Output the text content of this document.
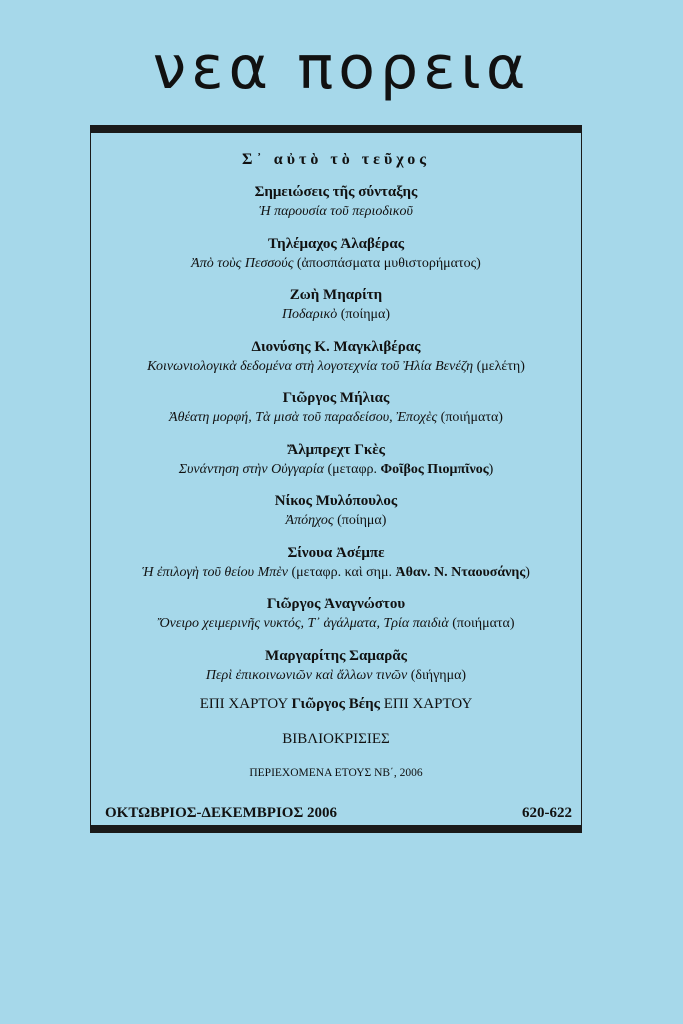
νεα πορεια
Σ᾿ αὐτὸ τὸ τεῦχος
Σημειώσεις τῆς σύνταξης
Ἡ παρουσία τοῦ περιοδικοῦ
Τηλέμαχος Ἀλαβέρας
Ἀπὸ τοὺς Πεσσούς (ἀποσπάσματα μυθιστορήματος)
Ζωὴ Μηαρίτη
Ποδαρικὸ (ποίημα)
Διονύσης Κ. Μαγκλιβέρας
Κοινωνιολογικὰ δεδομένα στὴ λογοτεχνία τοῦ Ἠλία Βενέζη (μελέτη)
Γιῶργος Μήλιας
Ἀθέατη μορφή, Τὰ μισὰ τοῦ παραδείσου, Ἐποχὲς (ποιήματα)
Ἄλμπρεχτ Γκὲς
Συνάντηση στὴν Οὐγγαρία (μεταφρ. Φοῖβος Πιομπῖνος)
Νίκος Μυλόπουλος
Ἀπόηχος (ποίημα)
Σίνουα Ἀσέμπε
Ἡ ἐπιλογὴ τοῦ θείου Μπὲν (μεταφρ. καὶ σημ. Ἀθαν. Ν. Νταουσάνης)
Γιῶργος Ἀναγνώστου
Ὄνειρο χειμερινῆς νυκτός, Τ᾿ ἀγάλματα, Τρία παιδιὰ (ποιήματα)
Μαργαρίτης Σαμαρᾶς
Περὶ ἐπικοινωνιῶν καὶ ἄλλων τινῶν (διήγημα)
ΕΠΙ ΧΑΡΤΟΥ Γιῶργος Βέης ΕΠΙ ΧΑΡΤΟΥ
ΒΙΒΛΙΟΚΡΙΣΙΕΣ
ΠΕΡΙΕΧΟΜΕΝΑ ΕΤΟΥΣ ΝΒ΄, 2006
ΟΚΤΩΒΡΙΟΣ-ΔΕΚΕΜΒΡΙΟΣ 2006	620-622
